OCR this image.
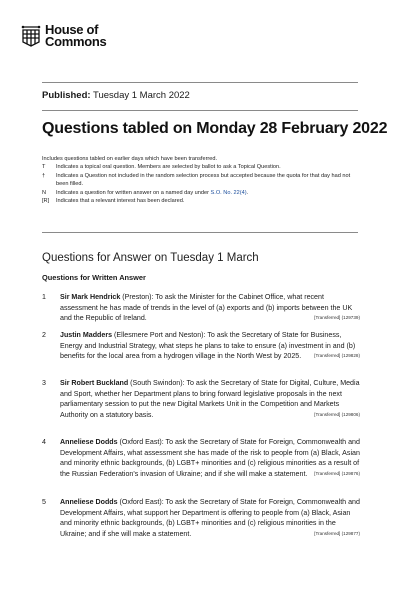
House of
Commons
Published: Tuesday 1 March 2022
Questions tabled on Monday 28 February 2022
Includes questions tabled on earlier days which have been transferred.
T	Indicates a topical oral question. Members are selected by ballot to ask a Topical Question.
†	Indicates a Question not included in the random selection process but accepted because the quota for that day had not been filled.
N	Indicates a question for written answer on a named day under S.O. No. 22(4).
[R]	Indicates that a relevant interest has been declared.
Questions for Answer on Tuesday 1 March
Questions for Written Answer
1	Sir Mark Hendrick (Preston): To ask the Minister for the Cabinet Office, what recent assessment he has made of trends in the level of (a) exports and (b) imports between the UK and the Republic of Ireland.	[Transferred] (129739)
2	Justin Madders (Ellesmere Port and Neston): To ask the Secretary of State for Business, Energy and Industrial Strategy, what steps he plans to take to ensure (a) investment in and (b) benefits for the local area from a hydrogen village in the North West by 2025.	[Transferred] (129828)
3	Sir Robert Buckland (South Swindon): To ask the Secretary of State for Digital, Culture, Media and Sport, whether her Department plans to bring forward legislative proposals in the next parliamentary session to put the new Digital Markets Unit in the Competition and Markets Authority on a statutory basis.	[Transferred] (129806)
4	Anneliese Dodds (Oxford East): To ask the Secretary of State for Foreign, Commonwealth and Development Affairs, what assessment she has made of the risk to people from (a) Black, Asian and minority ethnic backgrounds, (b) LGBT+ minorities and (c) religious minorities as a result of the Russian Federation's invasion of Ukraine; and if she will make a statement. [Transferred] (129876)
5	Anneliese Dodds (Oxford East): To ask the Secretary of State for Foreign, Commonwealth and Development Affairs, what support her Department is offering to people from (a) Black, Asian and minority ethnic backgrounds, (b) LGBT+ minorities and (c) religious minorities in the Ukraine; and if she will make a statement.	[Transferred] (129877)
